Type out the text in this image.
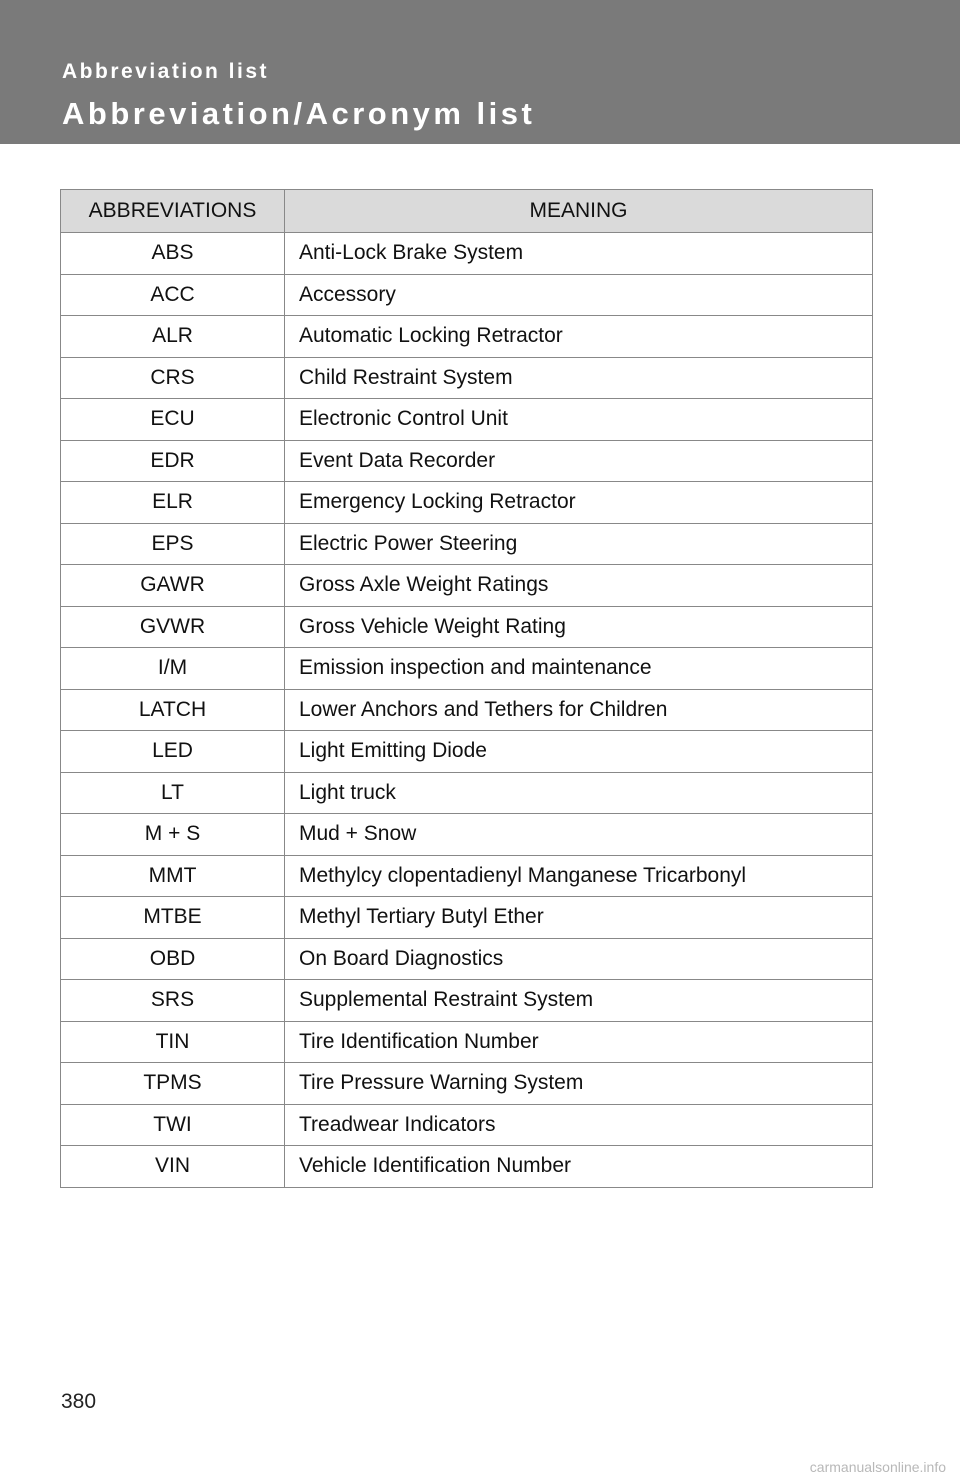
Abbreviation list
Abbreviation/Acronym list
ABBREVIATIONS	MEANING
ABS	Anti-Lock Brake System
ACC	Accessory
ALR	Automatic Locking Retractor
CRS	Child Restraint System
ECU	Electronic Control Unit
EDR	Event Data Recorder
ELR	Emergency Locking Retractor
EPS	Electric Power Steering
GAWR	Gross Axle Weight Ratings
GVWR	Gross Vehicle Weight Rating
I/M	Emission inspection and maintenance
LATCH	Lower Anchors and Tethers for Children
LED	Light Emitting Diode
LT	Light truck
M + S	Mud + Snow
MMT	Methylcy clopentadienyl Manganese Tricarbonyl
MTBE	Methyl Tertiary Butyl Ether
OBD	On Board Diagnostics
SRS	Supplemental Restraint System
TIN	Tire Identification Number
TPMS	Tire Pressure Warning System
TWI	Treadwear Indicators
VIN	Vehicle Identification Number
380
carmanualsonline.info
